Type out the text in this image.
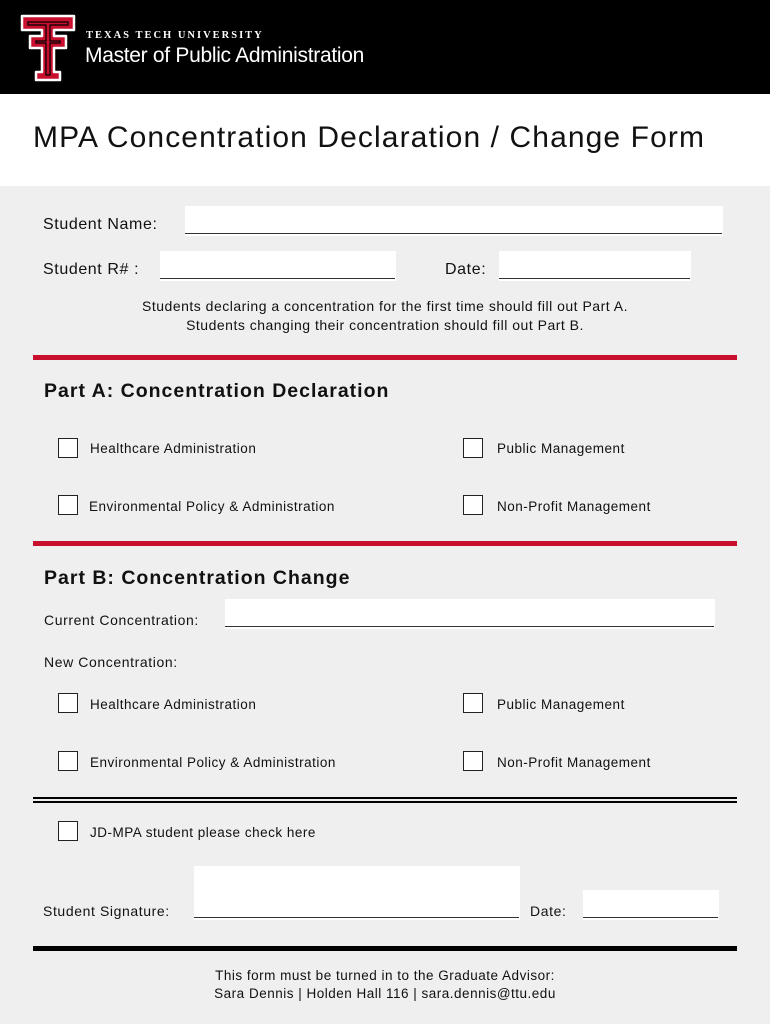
TEXAS TECH UNIVERSITY
Master of Public Administration
MPA Concentration Declaration / Change Form
Student Name:
Student R# :	Date:
Students declaring a concentration for the first time should fill out Part A.
Students changing their concentration should fill out Part B.
Part A: Concentration Declaration
Healthcare Administration	Public Management
Environmental Policy & Administration	Non-Profit Management
Part B: Concentration Change
Current Concentration:
New Concentration:
Healthcare Administration	Public Management
Environmental Policy & Administration	Non-Profit Management
JD-MPA student please check here
Student Signature:	Date:
This form must be turned in to the Graduate Advisor:
Sara Dennis | Holden Hall 116 | sara.dennis@ttu.edu
